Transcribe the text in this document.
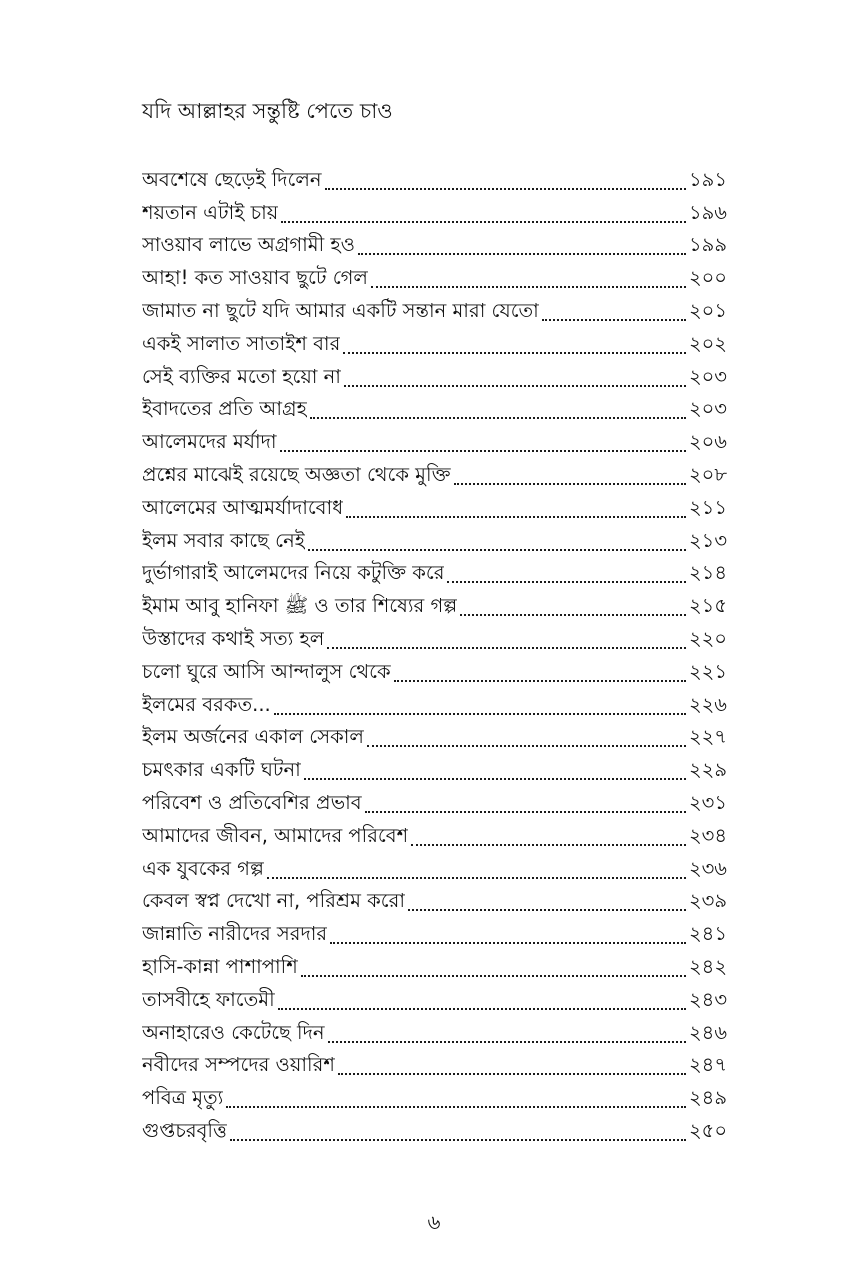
যদি আল্লাহর সন্তুষ্টি পেতে চাও
অবশেষে ছেড়েই দিলেন	১৯১
শয়তান এটাই চায়	১৯৬
সাওয়াব লাভে অগ্রগামী হও	১৯৯
আহা! কত সাওয়াব ছুটে গেল	২০০
জামাত না ছুটে যদি আমার একটি সন্তান মারা যেতো	২০১
একই সালাত সাতাইশ বার	২০২
সেই ব্যক্তির মতো হয়ো না	২০৩
ইবাদতের প্রতি আগ্রহ	২০৩
আলেমদের মর্যাদা	২০৬
প্রশ্নের মাঝেই রয়েছে অজ্ঞতা থেকে মুক্তি	২০৮
আলেমের আত্মমর্যাদাবোধ	২১১
ইলম সবার কাছে নেই	২১৩
দুর্ভাগারাই আলেমদের নিয়ে কটুক্তি করে	২১৪
ইমাম আবু হানিফা ﷺ ও তার শিষ্যের গল্প	২১৫
উস্তাদের কথাই সত্য হল	২২০
চলো ঘুরে আসি আন্দালুস থেকে	২২১
ইলমের বরকত...	২২৬
ইলম অর্জনের একাল সেকাল	২২৭
চমৎকার একটি ঘটনা	২২৯
পরিবেশ ও প্রতিবেশির প্রভাব	২৩১
আমাদের জীবন, আমাদের পরিবেশ	২৩৪
এক যুবকের গল্প	২৩৬
কেবল স্বপ্ন দেখো না, পরিশ্রম করো	২৩৯
জান্নাতি নারীদের সরদার	২৪১
হাসি-কান্না পাশাপাশি	২৪২
তাসবীহে ফাতেমী	২৪৩
অনাহারেও কেটেছে দিন	২৪৬
নবীদের সম্পদের ওয়ারিশ	২৪৭
পবিত্র মৃত্যু	২৪৯
গুপ্তচরবৃত্তি	২৫০
৬
